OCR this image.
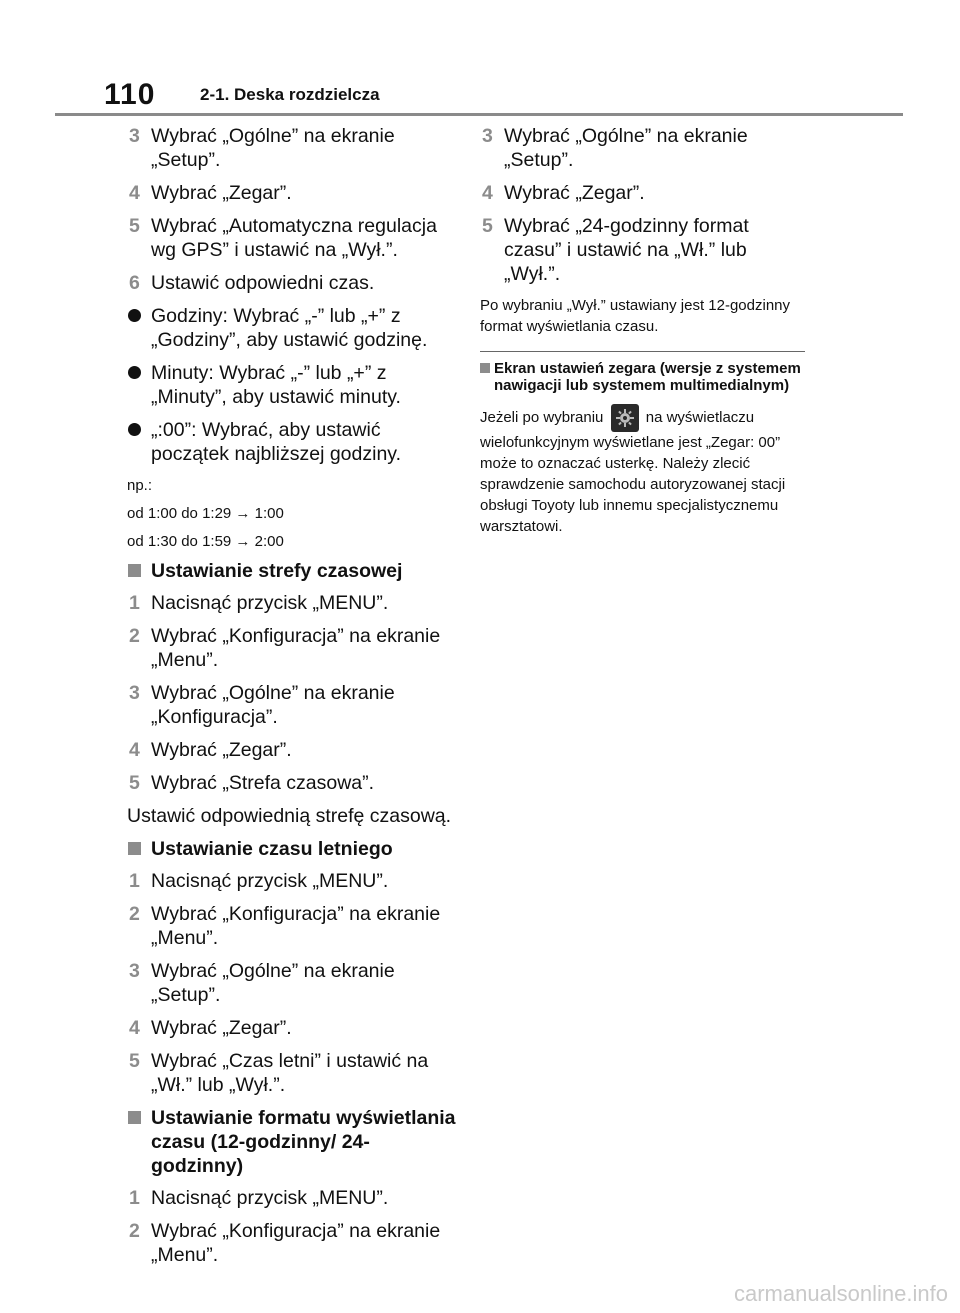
110	2-1. Deska rozdzielcza
3 Wybrać „Ogólne” na ekranie „Setup”.
4 Wybrać „Zegar”.
5 Wybrać „Automatyczna regulacja wg GPS” i ustawić na „Wył.”.
6 Ustawić odpowiedni czas.
Godziny: Wybrać „-” lub „+” z „Godziny”, aby ustawić godzinę.
Minuty: Wybrać „-” lub „+” z „Minuty”, aby ustawić minuty.
„:00”: Wybrać, aby ustawić początek najbliższej godziny.
np.:
od 1:00 do 1:29 → 1:00
od 1:30 do 1:59 → 2:00
Ustawianie strefy czasowej
1 Nacisnąć przycisk „MENU”.
2 Wybrać „Konfiguracja” na ekranie „Menu”.
3 Wybrać „Ogólne” na ekranie „Konfiguracja”.
4 Wybrać „Zegar”.
5 Wybrać „Strefa czasowa”.
Ustawić odpowiednią strefę czasową.
Ustawianie czasu letniego
1 Nacisnąć przycisk „MENU”.
2 Wybrać „Konfiguracja” na ekranie „Menu”.
3 Wybrać „Ogólne” na ekranie „Setup”.
4 Wybrać „Zegar”.
5 Wybrać „Czas letni” i ustawić na „Wł.” lub „Wył.”.
Ustawianie formatu wyświetlania czasu (12-godzinny/ 24-godzinny)
1 Nacisnąć przycisk „MENU”.
2 Wybrać „Konfiguracja” na ekranie „Menu”.
3 Wybrać „Ogólne” na ekranie „Setup”.
4 Wybrać „Zegar”.
5 Wybrać „24-godzinny format czasu” i ustawić na „Wł.” lub „Wył.”.
Po wybraniu „Wył.” ustawiany jest 12-godzinny format wyświetlania czasu.
Ekran ustawień zegara (wersje z systemem nawigacji lub systemem multimedialnym)
Jeżeli po wybraniu	na wyświetlaczu wielofunkcyjnym wyświetlane jest „Zegar: 00” może to oznaczać usterkę. Należy zlecić sprawdzenie samochodu autoryzowanej stacji obsługi Toyoty lub innemu specjalistycznemu warsztatowi.
carmanualsonline.info
